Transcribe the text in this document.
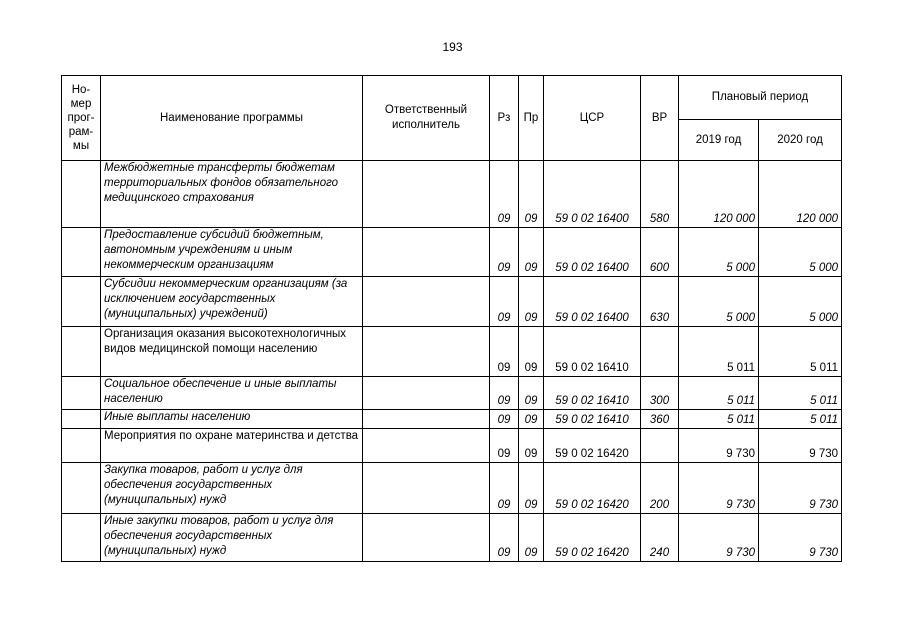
193
Но-мер прог-рам-мы	Наименование программы	Ответственный исполнитель	Рз	Пр	ЦСР	ВР	Плановый период	
							2019 год	2020 год
	Межбюджетные трансферты бюджетам территориальных фондов обязательного медицинского страхования		09	09	59 0 02 16400	580	120 000	120 000
	Предоставление субсидий бюджетным, автономным учреждениям и иным некоммерческим организациям		09	09	59 0 02 16400	600	5 000	5 000
	Субсидии некоммерческим организациям (за исключением государственных (муниципальных) учреждений)		09	09	59 0 02 16400	630	5 000	5 000
	Организация оказания высокотехнологичных видов медицинской помощи населению		09	09	59 0 02 16410		5 011	5 011
	Социальное обеспечение и иные выплаты населению		09	09	59 0 02 16410	300	5 011	5 011
	Иные выплаты населению		09	09	59 0 02 16410	360	5 011	5 011
	Мероприятия по охране материнства и детства		09	09	59 0 02 16420		9 730	9 730
	Закупка товаров, работ и услуг для обеспечения государственных (муниципальных) нужд		09	09	59 0 02 16420	200	9 730	9 730
	Иные закупки товаров, работ и услуг для обеспечения государственных (муниципальных) нужд		09	09	59 0 02 16420	240	9 730	9 730
